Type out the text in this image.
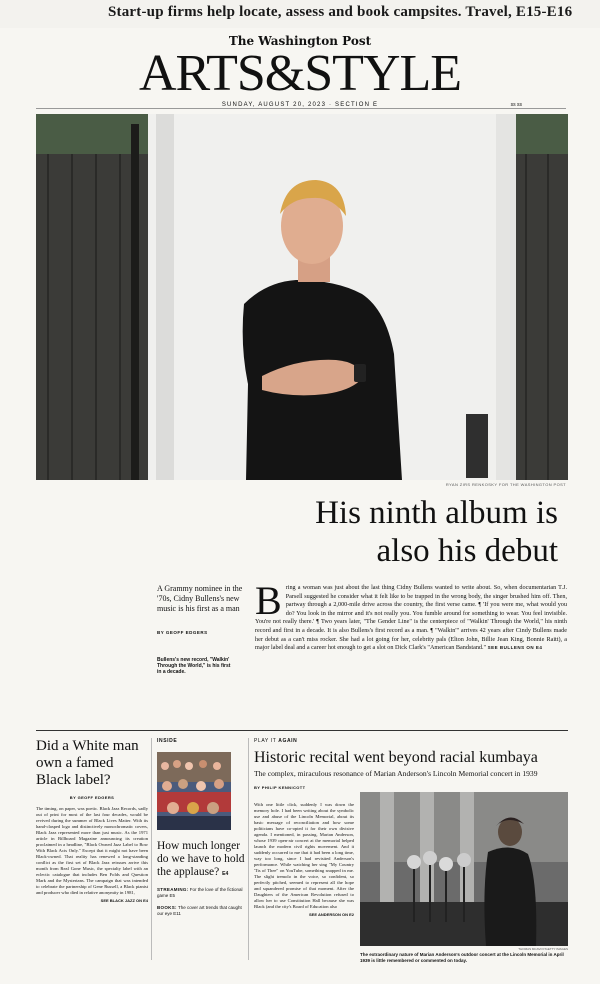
Start-up firms help locate, assess and book campsites. Travel, E15-E16
The Washington Post
ARTS&STYLE
SUNDAY, AUGUST 20, 2023 · SECTION E	ss ss
RYAN ZIRS RENKOSKY FOR THE WASHINGTON POST
His ninth album is
also his debut
A Grammy nominee in the '70s, Cidny Bullens's new music is his first as a man
BY GEOFF EDGERS
Bullens's new record, "Walkin' Through the World," is his first in a decade.
Bring a woman was just about the last thing Cidny Bullens wanted to write about. So, when documentarian T.J. Parsell suggested he consider what it felt like to be trapped in the wrong body, the singer brushed him off. Then, partway through a 2,000-mile drive across the country, the first verse came. ¶ 'If you were me, what would you do? You look in the mirror and it's not really you. You fumble around for something to wear. You feel invisible. You're not really there.' ¶ Two years later, "The Gender Line" is the centerpiece of "Walkin' Through the World," his ninth record and first in a decade. It is also Bullens's first record as a man. ¶ "Walkin'" arrives 42 years after Cindy Bullens made her debut as a can't miss rocker. She had a lot going for her, celebrity pals (Elton John, Billie Jean King, Bonnie Raitt), a major label deal and a career hot enough to get a slot on Dick Clark's "American Bandstand." SEE BULLENS ON E4
Did a White man own a famed Black label?
BY GEOFF EDGERS
The timing, on paper, was poetic. Black Jazz Records, sadly out of print for most of the last four decades, would be revived during the summer of Black Lives Matter. With its hand-clasped logo and distinctively monochromatic covers, Black Jazz represented more than just music. As the 1971 article in Billboard Magazine announcing its creation proclaimed in a headline, "Black Owned Jazz Label to Bow With Black Acts Only." Except that it might not have been Black-owned. That reality has renewed a long-standing conflict as the first set of Black Jazz reissues arrive this month from Real Gone Music, the specialty label with an eclectic catalogue that includes Ben Folds and Question Mark and the Mysterians. The campaign that was intended to celebrate the partnership of Gene Russell, a Black pianist and producer who died in relative anonymity in 1981,
SEE BLACK JAZZ ON E4
INSIDE
How much longer do we have to hold the applause? E4
STREAMING: For the love of the fictional game E5
BOOKS: The cover art trends that caught our eye E11
PLAY IT AGAIN
Historic recital went beyond racial kumbaya
The complex, miraculous resonance of Marian Anderson's Lincoln Memorial concert in 1939
BY PHILIP KENNICOTT
With one little click, suddenly I was down the memory hole. I had been writing about the symbolic use and abuse of the Lincoln Memorial, about its basic message of reconciliation and how some politicians have co-opted it for their own divisive agenda. I mentioned, in passing, Marian Anderson, whose 1939 open-air concert at the memorial helped launch the modern civil rights movement. And it suddenly occurred to me that it had been a long time, way too long, since I had revisited Anderson's performance. While watching her sing "My Country 'Tis of Thee" on YouTube, something snapped in me. The slight tremolo in the voice, so confident, so perfectly pitched, seemed to represent all the hope and squandered promise of that moment. After the Daughters of the American Revolution refused to allow her to use Constitution Hall because she was Black (and the city's Board of Education also
SEE ANDERSON ON E2
THOMAS MCAVOY/GETTY IMAGES
The extraordinary nature of Marian Anderson's outdoor concert at the Lincoln Memorial in April 1939 is little remembered or commented on today.
